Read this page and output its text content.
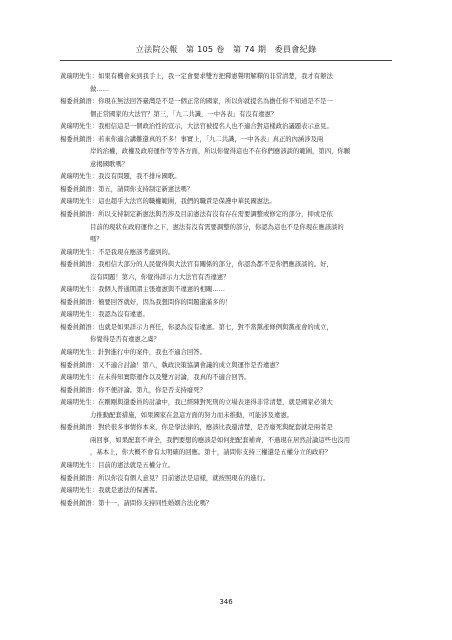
立法院公報　第 105 卷　第 74 期　委員會紀錄
黃瑞明先生：如果有機會來到我手上，我一定會要求雙方把釋憲聲明解釋的非常清楚，我才有辦法
做……
楊委員鎮浯：你現在無法回答臺灣是不是一個正常的國家，所以你就提名為擔任你不知道是不是一
個正常國家的大法官？第三，「九二共識，一中各表」有沒有違憲？
黃瑞明先生：我相信這是一個政治性的宣示，大法官被提名人也不適合對這樣政治議題表示意見。
楊委員鎮浯：若來你適合講難還真的不多！事實上，「九二共識，一中各表」真正的內涵涉及兩
岸的治權，政權及政府運作等等各方面，所以你覺得這也不在你們應該談的範圍，第四，你願
意揭國歌嗎？
黃瑞明先生：我沒有問題，我不排斥國歌。
楊委員鎮浯：第五，請問你支持制定新憲法嗎？
黃瑞明先生：這也超乎大法官的職權範圍，我們的職責是保護中華民國憲法。
楊委員鎮浯：所以支持制定新憲法與否涉及目前憲法有沒有存在需要調整或修定的部分，抑或是依
目前的現狀在政府運作之下，憲法有沒有需要調整的部分，你認為這也不是你現在應該談的
嗎？
黃瑞明先生：不是我現在應該考慮到的。
楊委員鎮浯：我相信大部分的人民覺得與大法官有關係的部分，你認為都不是你們應該談的。好，
沒有問題！第六，你覺得詳示力大法官有否違憲？
黃瑞明先生：我個人普通閒謂主張違憲與不違憲的相關……
楊委員鎮浯：簡要回答就好，因為我想問你的問題還滿多的！
黃瑞明先生：我認為沒有違憲。
楊委員鎮浯：也就是如果詳示力再任，你認為沒有違憲。第七，對不當黨產條例與黨產會的成立，
你覺得是否有違憲之虞？
黃瑞明先生：針對進行中的案件，我也不適合回答。
楊委員鎮浯：又不適合討論！第八，執政決策協調會議的成立與運作是否違憲？
黃瑞明先生：在未得知實際運作以及雙方討論，我真的不適合回答。
楊委員鎮浯：你不便評論。第九，你是否支持廢死？
黃瑞明先生：在剛剛與還委員的討論中，我已經陳對死刑的立場表達得非常清楚，就是國家必須大
力推動配套措施，如果國家在忽這方面的努力而未推動，可能涉及違憲。
楊委員鎮浯：對於很多事情你本來，你是學法律的，應該比我還清楚，是否廢死與配套就是兩者是
兩回事，如果配套不齊全，我們要想的應該是如何把配套補齊，不過現在居然討論這些也沒用
，基本上，你大概不會有太明確的回應。第十，請問你支持三權還是五權分立的政府？
黃瑞明先生：目前的憲法就是五權分立。
楊委員鎮浯：所以你沒有個人意見？目前憲法是這樣，就按照現在的進行。
黃瑞明先生：我就是憲法的保護者。
楊委員鎮浯：第十一，請問你支持同性婚姻合法化嗎？
346
